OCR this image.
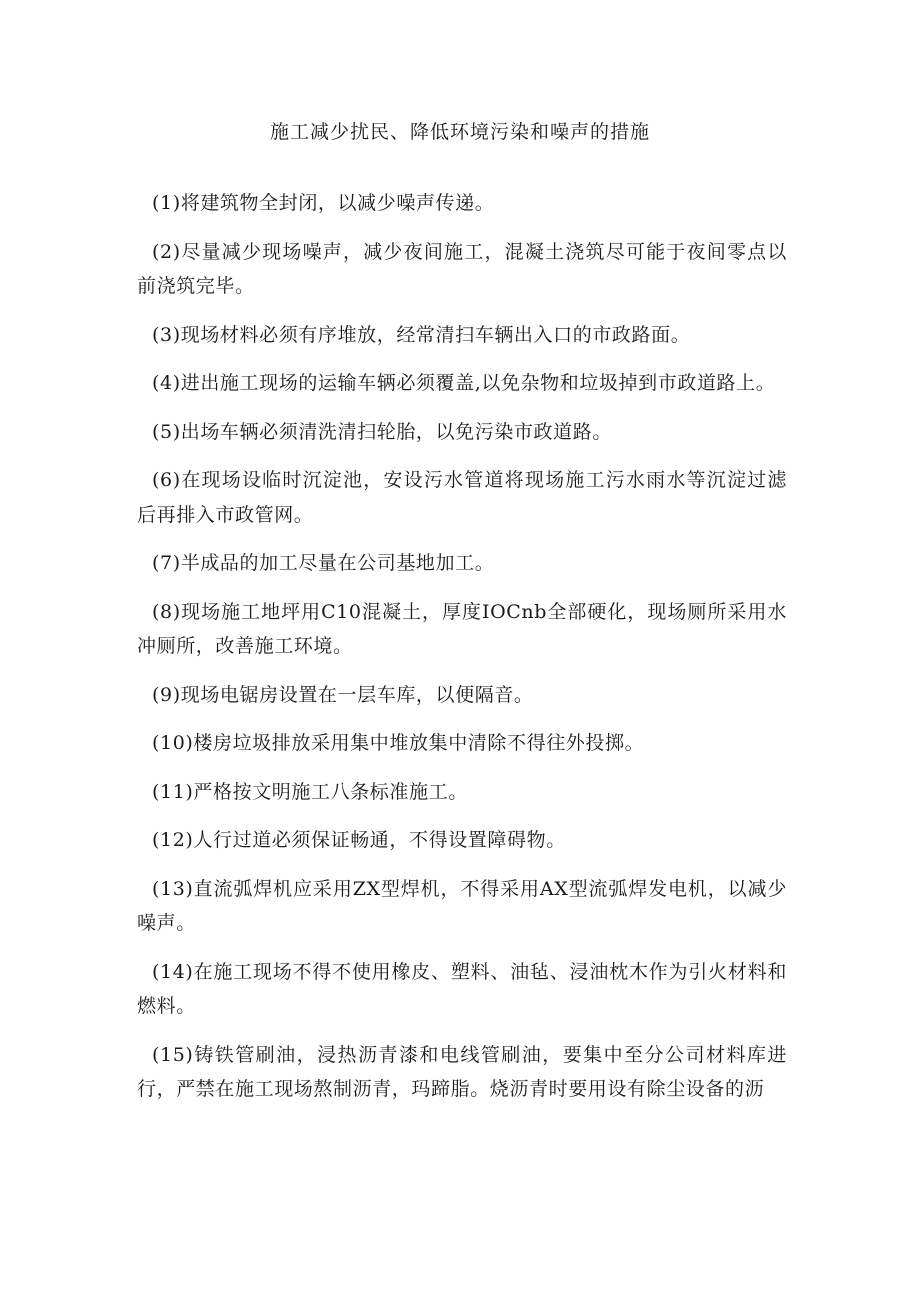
施工减少扰民、降低环境污染和噪声的措施
(1)将建筑物全封闭，以减少噪声传递。
(2)尽量减少现场噪声，减少夜间施工，混凝土浇筑尽可能于夜间零点以前浇筑完毕。
(3)现场材料必须有序堆放，经常清扫车辆出入口的市政路面。
(4)进出施工现场的运输车辆必须覆盖,以免杂物和垃圾掉到市政道路上。
(5)出场车辆必须清洗清扫轮胎，以免污染市政道路。
(6)在现场设临时沉淀池，安设污水管道将现场施工污水雨水等沉淀过滤后再排入市政管网。
(7)半成品的加工尽量在公司基地加工。
(8)现场施工地坪用C10混凝土，厚度IOCnb全部硬化，现场厕所采用水冲厕所，改善施工环境。
(9)现场电锯房设置在一层车库，以便隔音。
(10)楼房垃圾排放采用集中堆放集中清除不得往外投掷。
(11)严格按文明施工八条标准施工。
(12)人行过道必须保证畅通，不得设置障碍物。
(13)直流弧焊机应采用ZX型焊机，不得采用AX型流弧焊发电机，以减少噪声。
(14)在施工现场不得不使用橡皮、塑料、油毡、浸油枕木作为引火材料和燃料。
(15)铸铁管刷油，浸热沥青漆和电线管刷油，要集中至分公司材料库进行，严禁在施工现场熬制沥青，玛蹄脂。烧沥青时要用设有除尘设备的沥
